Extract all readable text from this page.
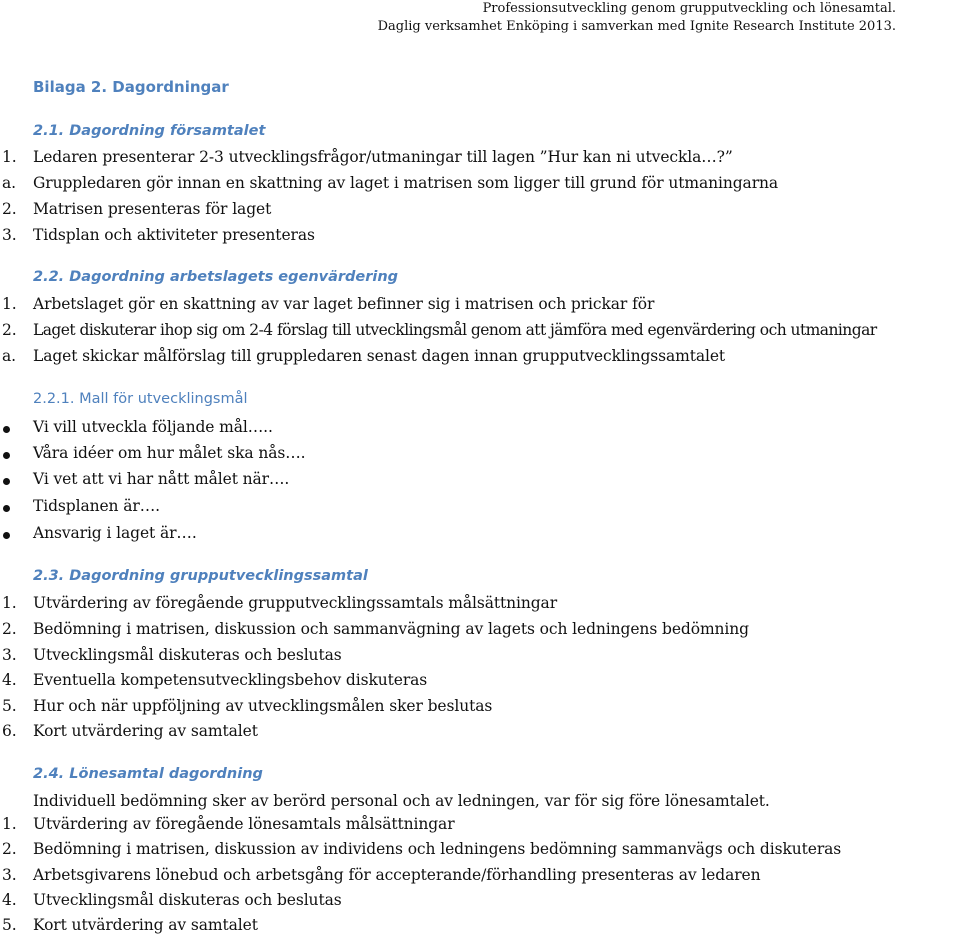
Professionsutveckling genom grupputveckling och lönesamtal.
Daglig verksamhet Enköping i samverkan med Ignite Research Institute 2013.
Bilaga 2. Dagordningar
2.1. Dagordning församtalet
1. Ledaren presenterar 2-3 utvecklingsfrågor/utmaningar till lagen ”Hur kan ni utveckla…?”
a. Gruppledaren gör innan en skattning av laget i matrisen som ligger till grund för utmaningarna
2. Matrisen presenteras för laget
3. Tidsplan och aktiviteter presenteras
2.2. Dagordning arbetslagets egenvärdering
1. Arbetslaget gör en skattning av var laget befinner sig i matrisen och prickar för
2. Laget diskuterar ihop sig om 2-4 förslag till utvecklingsmål genom att jämföra med egenvärdering och utmaningar
a. Laget skickar målförslag till gruppledaren senast dagen innan grupputvecklingssamtalet
2.2.1. Mall för utvecklingsmål
Vi vill utveckla följande mål…..
Våra idéer om hur målet ska nås….
Vi vet att vi har nått målet när….
Tidsplanen är….
Ansvarig i laget är….
2.3. Dagordning grupputvecklingssamtal
1. Utvärdering av föregående grupputvecklingssamtals målsättningar
2. Bedömning i matrisen, diskussion och sammanvägning av lagets och ledningens bedömning
3. Utvecklingsmål diskuteras och beslutas
4. Eventuella kompetensutvecklingsbehov diskuteras
5. Hur och när uppföljning av utvecklingsmålen sker beslutas
6. Kort utvärdering av samtalet
2.4. Lönesamtal dagordning
Individuell bedömning sker av berörd personal och av ledningen, var för sig före lönesamtalet.
1. Utvärdering av föregående lönesamtals målsättningar
2. Bedömning i matrisen, diskussion av individens och ledningens bedömning sammanvägs och diskuteras
3. Arbetsgivarens lönebud och arbetsgång för accepterande/förhandling presenteras av ledaren
4. Utvecklingsmål diskuteras och beslutas
5. Kort utvärdering av samtalet
